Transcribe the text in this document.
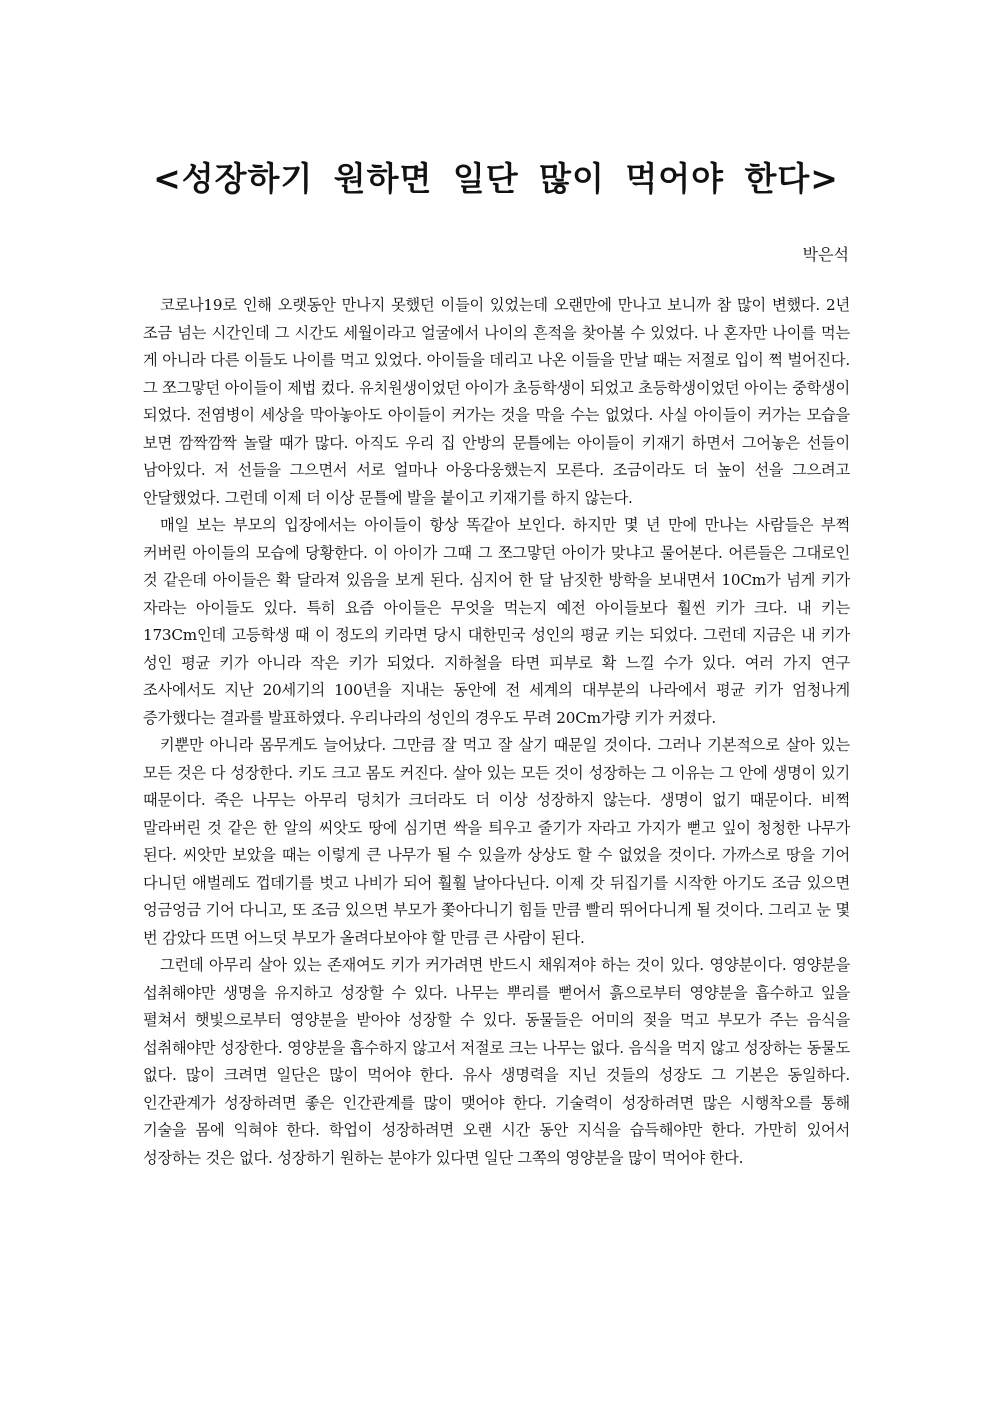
<성장하기 원하면 일단 많이 먹어야 한다>

박은석

코로나19로 인해 오랫동안 만나지 못했던 이들이 있었는데 오랜만에 만나고 보니까 참 많이 변했다. 2년 조금 넘는 시간인데 그 시간도 세월이라고 얼굴에서 나이의 흔적을 찾아볼 수 있었다. 나 혼자만 나이를 먹는 게 아니라 다른 이들도 나이를 먹고 있었다. 아이들을 데리고 나온 이들을 만날 때는 저절로 입이 쩍 벌어진다. 그 쪼그맣던 아이들이 제법 컸다. 유치원생이었던 아이가 초등학생이 되었고 초등학생이었던 아이는 중학생이 되었다. 전염병이 세상을 막아놓아도 아이들이 커가는 것을 막을 수는 없었다. 사실 아이들이 커가는 모습을 보면 깜짝깜짝 놀랄 때가 많다. 아직도 우리 집 안방의 문틀에는 아이들이 키재기 하면서 그어놓은 선들이 남아있다. 저 선들을 그으면서 서로 얼마나 아웅다웅했는지 모른다. 조금이라도 더 높이 선을 그으려고 안달했었다. 그런데 이제 더 이상 문틀에 발을 붙이고 키재기를 하지 않는다.

매일 보는 부모의 입장에서는 아이들이 항상 똑같아 보인다. 하지만 몇 년 만에 만나는 사람들은 부쩍 커버린 아이들의 모습에 당황한다. 이 아이가 그때 그 쪼그맣던 아이가 맞냐고 물어본다. 어른들은 그대로인 것 같은데 아이들은 확 달라져 있음을 보게 된다. 심지어 한 달 남짓한 방학을 보내면서 10Cm가 넘게 키가 자라는 아이들도 있다. 특히 요즘 아이들은 무엇을 먹는지 예전 아이들보다 훨씬 키가 크다. 내 키는 173Cm인데 고등학생 때 이 정도의 키라면 당시 대한민국 성인의 평균 키는 되었다. 그런데 지금은 내 키가 성인 평균 키가 아니라 작은 키가 되었다. 지하철을 타면 피부로 확 느낄 수가 있다. 여러 가지 연구 조사에서도 지난 20세기의 100년을 지내는 동안에 전 세계의 대부분의 나라에서 평균 키가 엄청나게 증가했다는 결과를 발표하였다. 우리나라의 성인의 경우도 무려 20Cm가량 키가 커졌다.

키뿐만 아니라 몸무게도 늘어났다. 그만큼 잘 먹고 잘 살기 때문일 것이다. 그러나 기본적으로 살아 있는 모든 것은 다 성장한다. 키도 크고 몸도 커진다. 살아 있는 모든 것이 성장하는 그 이유는 그 안에 생명이 있기 때문이다. 죽은 나무는 아무리 덩치가 크더라도 더 이상 성장하지 않는다. 생명이 없기 때문이다. 비쩍 말라버린 것 같은 한 알의 씨앗도 땅에 심기면 싹을 틔우고 줄기가 자라고 가지가 뻗고 잎이 청청한 나무가 된다. 씨앗만 보았을 때는 이렇게 큰 나무가 될 수 있을까 상상도 할 수 없었을 것이다. 가까스로 땅을 기어 다니던 애벌레도 껍데기를 벗고 나비가 되어 훨훨 날아다닌다. 이제 갓 뒤집기를 시작한 아기도 조금 있으면 엉금엉금 기어 다니고, 또 조금 있으면 부모가 쫓아다니기 힘들 만큼 빨리 뛰어다니게 될 것이다. 그리고 눈 몇 번 감았다 뜨면 어느덧 부모가 올려다보아야 할 만큼 큰 사람이 된다.

그런데 아무리 살아 있는 존재여도 키가 커가려면 반드시 채워져야 하는 것이 있다. 영양분이다. 영양분을 섭취해야만 생명을 유지하고 성장할 수 있다. 나무는 뿌리를 뻗어서 흙으로부터 영양분을 흡수하고 잎을 펼쳐서 햇빛으로부터 영양분을 받아야 성장할 수 있다. 동물들은 어미의 젖을 먹고 부모가 주는 음식을 섭취해야만 성장한다. 영양분을 흡수하지 않고서 저절로 크는 나무는 없다. 음식을 먹지 않고 성장하는 동물도 없다. 많이 크려면 일단은 많이 먹어야 한다. 유사 생명력을 지닌 것들의 성장도 그 기본은 동일하다. 인간관계가 성장하려면 좋은 인간관계를 많이 맺어야 한다. 기술력이 성장하려면 많은 시행착오를 통해 기술을 몸에 익혀야 한다. 학업이 성장하려면 오랜 시간 동안 지식을 습득해야만 한다. 가만히 있어서 성장하는 것은 없다. 성장하기 원하는 분야가 있다면 일단 그쪽의 영양분을 많이 먹어야 한다.
